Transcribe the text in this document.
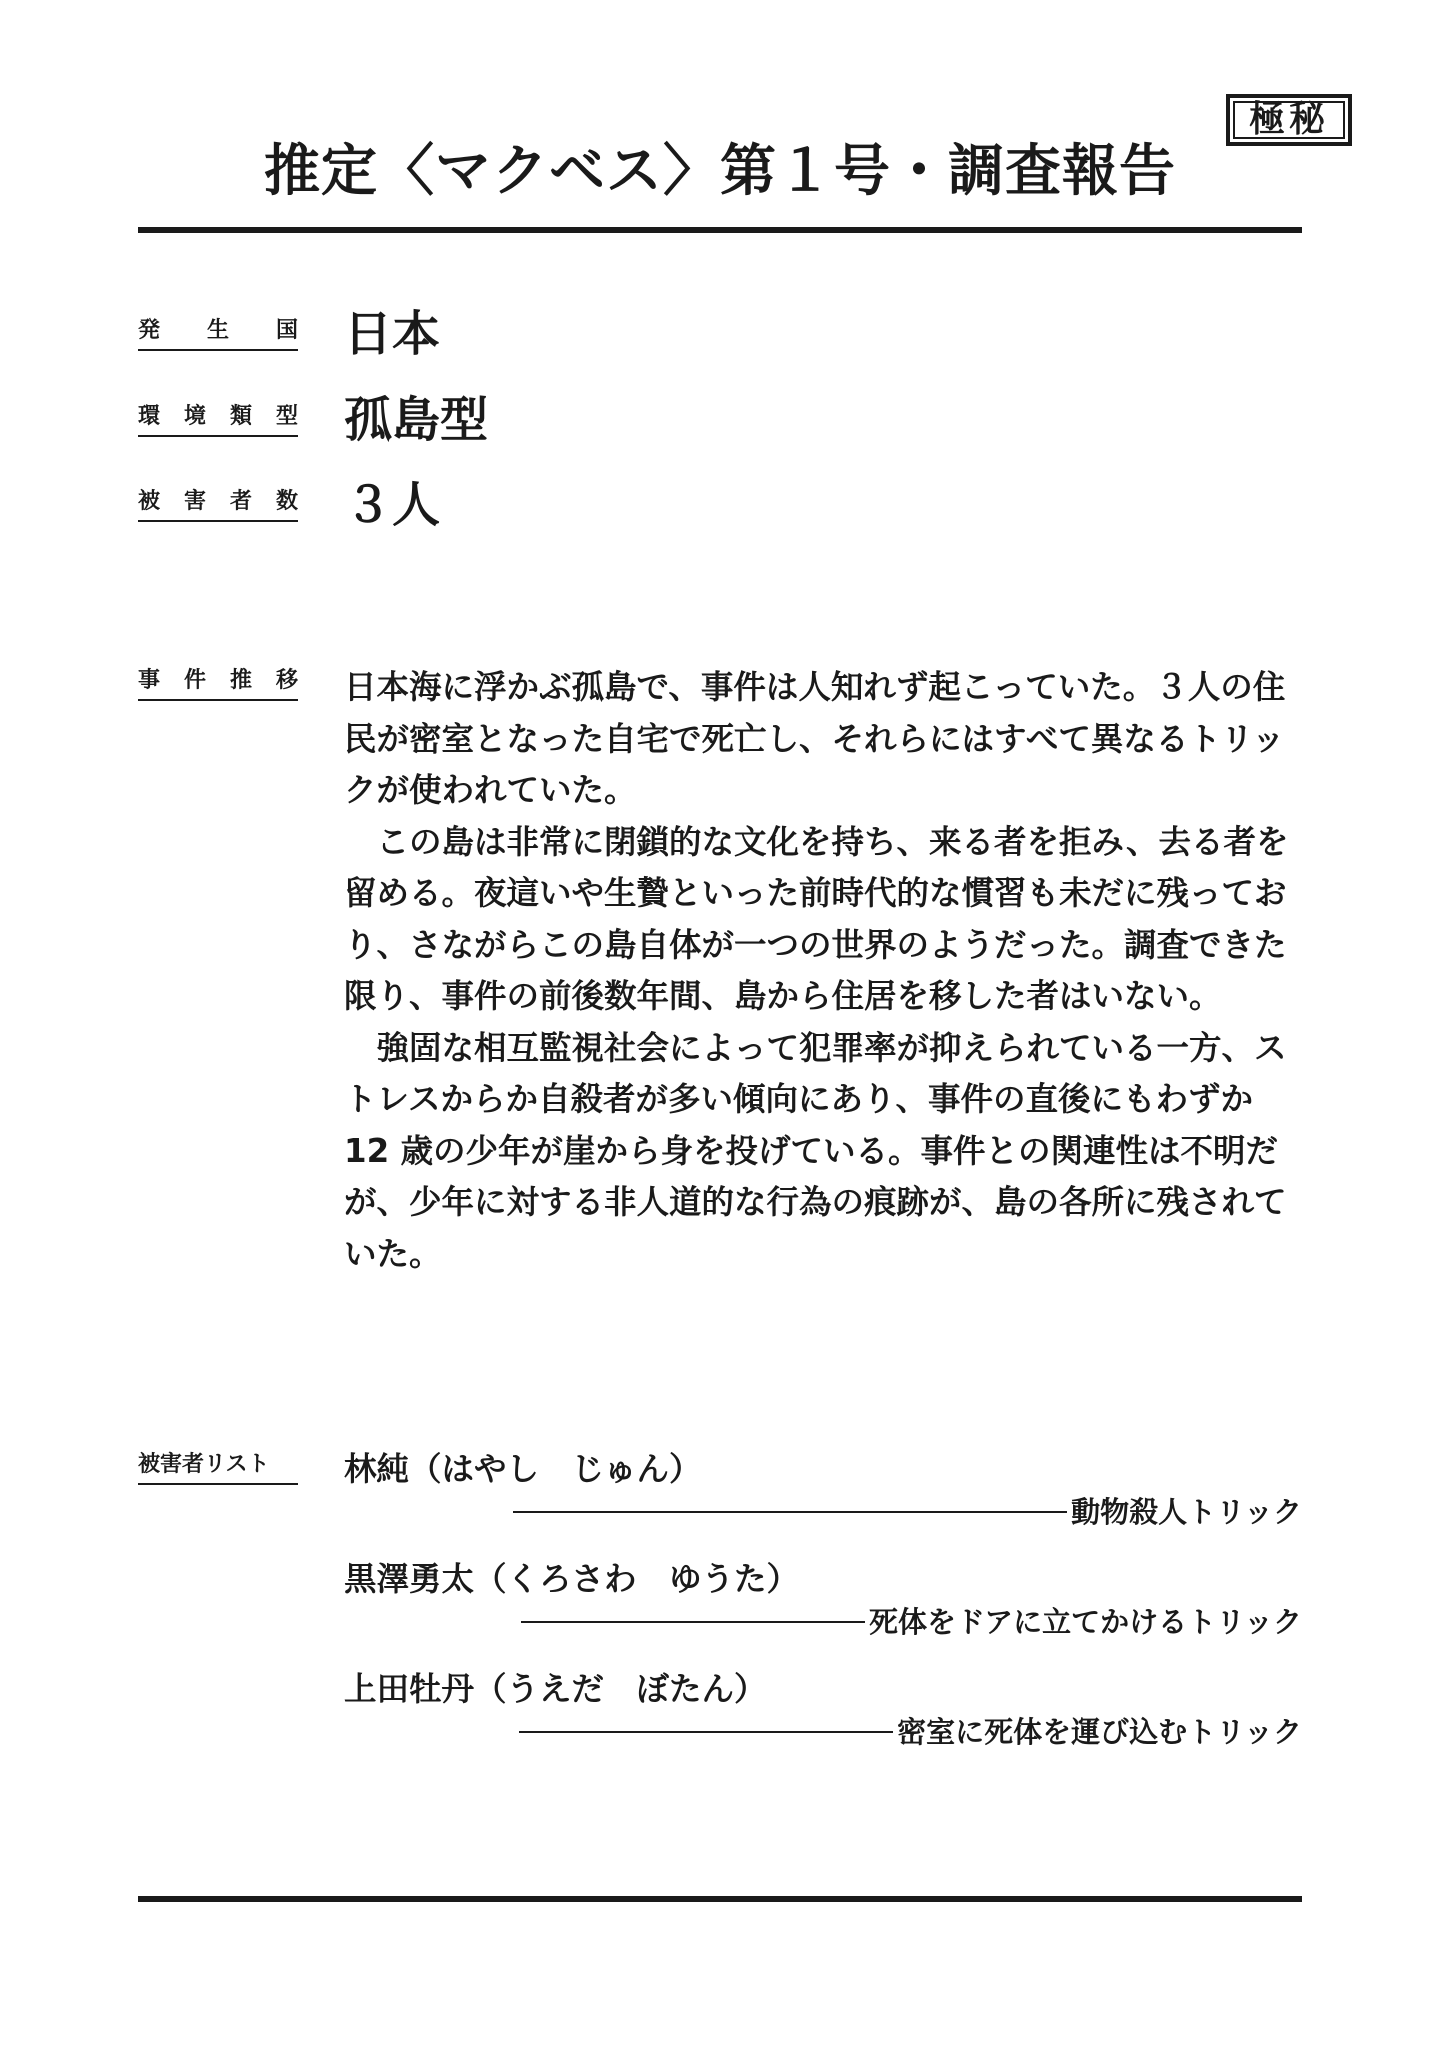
極秘
推定〈マクベス〉第１号・調査報告
発 生 国 日本
環 境 類 型 孤島型
被 害 者 数 ３人
事 件 推 移 日本海に浮かぶ孤島で、事件は人知れず起こっていた。３人の住民が密室となった自宅で死亡し、それらにはすべて異なるトリックが使われていた。

この島は非常に閉鎖的な文化を持ち、来る者を拒み、去る者を留める。夜這いや生贄といった前時代的な慣習も未だに残っており、さながらこの島自体が一つの世界のようだった。調査できた限り、事件の前後数年間、島から住居を移した者はいない。

強固な相互監視社会によって犯罪率が抑えられている一方、ストレスからか自殺者が多い傾向にあり、事件の直後にもわずか12 歳の少年が崖から身を投げている。事件との関連性は不明だが、少年に対する非人道的な行為の痕跡が、島の各所に残されていた。

被害者リスト	林純（はやし　じゅん）
動物殺人トリック
黒澤勇太（くろさわ　ゆうた）
死体をドアに立てかけるトリック
上田牡丹（うえだ　ぼたん）
密室に死体を運び込むトリック
